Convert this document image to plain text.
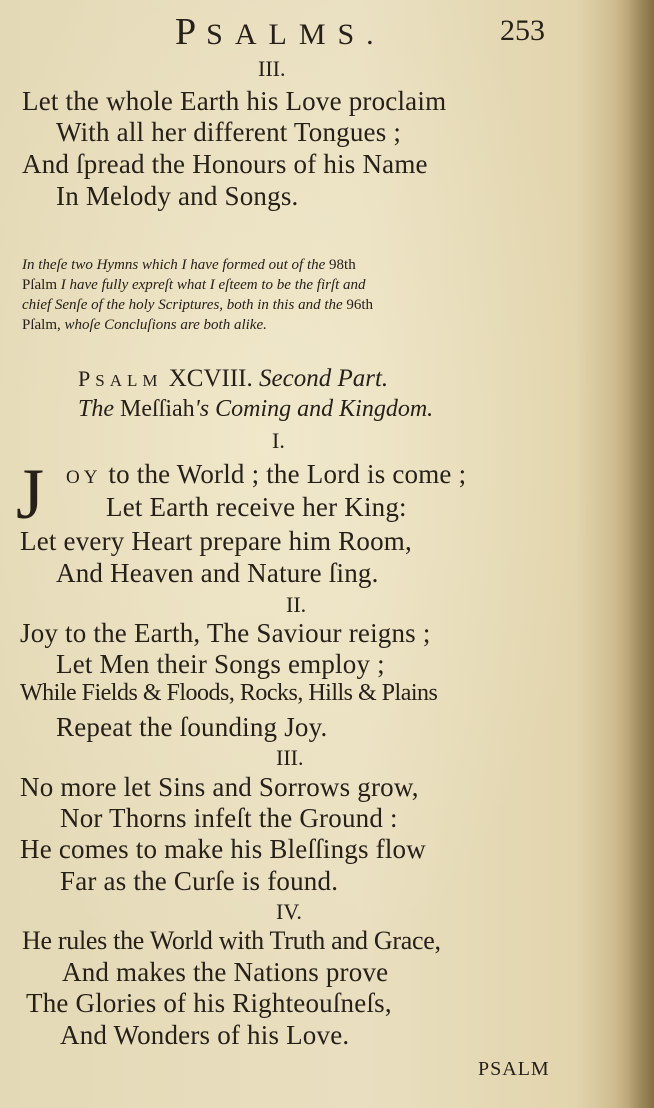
PSALMS.	253
III.
Let the whole Earth his Love proclaim
With all her different Tongues ;
And ſpread the Honours of his Name
In Melody and Songs.
In theſe two Hymns which I have formed out of the 98th
Pſalm I have fully expreſt what I eſteem to be the firſt and
chief Senſe of the holy Scriptures, both in this and the 96th
Pſalm, whoſe Concluſions are both alike.
PSALM XCVIII. Second Part.
The Meſſiah's Coming and Kingdom.
I.
J OY to the World ; the Lord is come ;
Let Earth receive her King:
Let every Heart prepare him Room,
And Heaven and Nature ſing.
II.
Joy to the Earth, The Saviour reigns ;
Let Men their Songs employ ;
While Fields & Floods, Rocks, Hills & Plains
Repeat the ſounding Joy.
III.
No more let Sins and Sorrows grow,
Nor Thorns infeſt the Ground :
He comes to make his Bleſſings flow
Far as the Curſe is found.
IV.
He rules the World with Truth and Grace,
And makes the Nations prove
The Glories of his Righteouſneſs,
And Wonders of his Love.
PSALM
